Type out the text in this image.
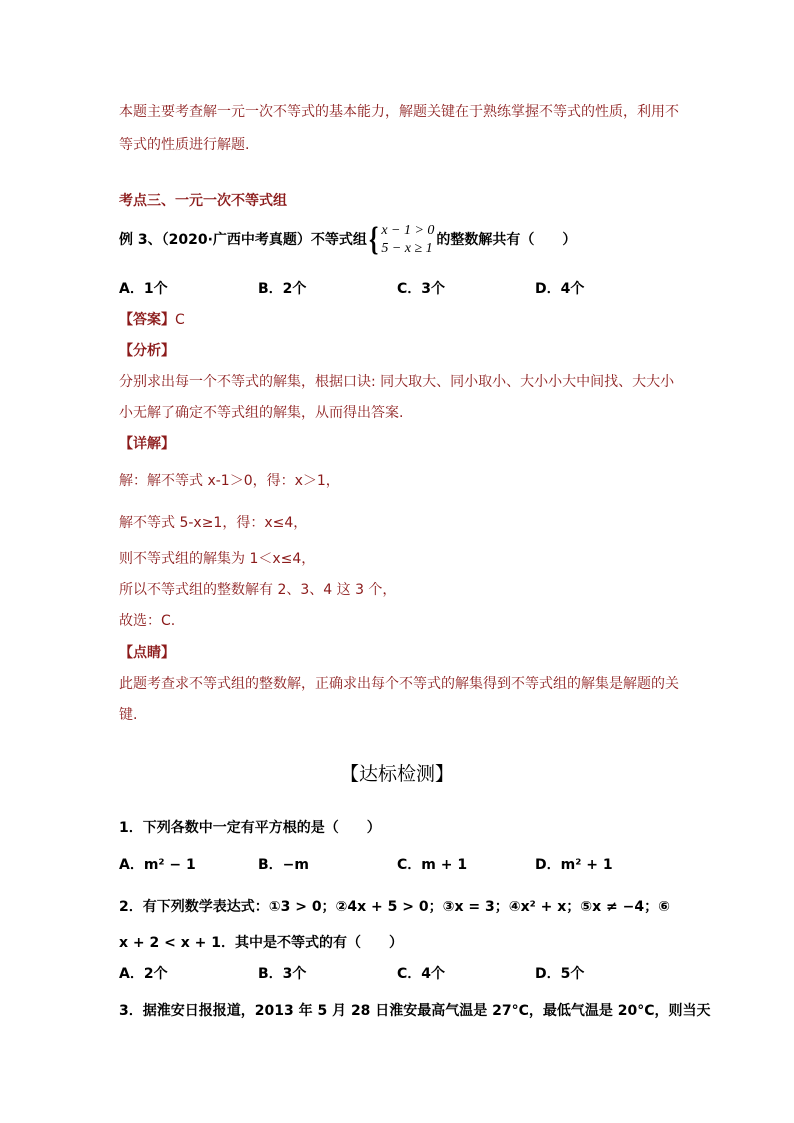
本题主要考查解一元一次不等式的基本能力，解题关键在于熟练掌握不等式的性质，利用不
等式的性质进行解题.
考点三、一元一次不等式组
例 3、（2020·广西中考真题）不等式组{ x − 1 > 0
5 − x ≥ 1
的整数解共有（　　）
A．1个	B．2个	C．3个	D．4个
【答案】C
【分析】
分别求出每一个不等式的解集，根据口诀: 同大取大、同小取小、大小小大中间找、大大小
小无解了确定不等式组的解集，从而得出答案.
【详解】
解：解不等式 x-1＞0，得：x＞1，
解不等式 5-x≥1，得：x≤4，
则不等式组的解集为 1＜x≤4，
所以不等式组的整数解有 2、3、4 这 3 个，
故选：C.
【点睛】
此题考查求不等式组的整数解，正确求出每个不等式的解集得到不等式组的解集是解题的关
键.
【达标检测】
1．下列各数中一定有平方根的是（　　）
A．m² − 1	B．−m	C．m + 1	D．m² + 1
2．有下列数学表达式：①3 > 0；②4x + 5 > 0；③x = 3；④x² + x；⑤x ≠ −4；⑥
x + 2 < x + 1．其中是不等式的有（　　）
A．2个	B．3个	C．4个	D．5个
3．据淮安日报报道，2013 年 5 月 28 日淮安最高气温是 27°C，最低气温是 20°C，则当天
